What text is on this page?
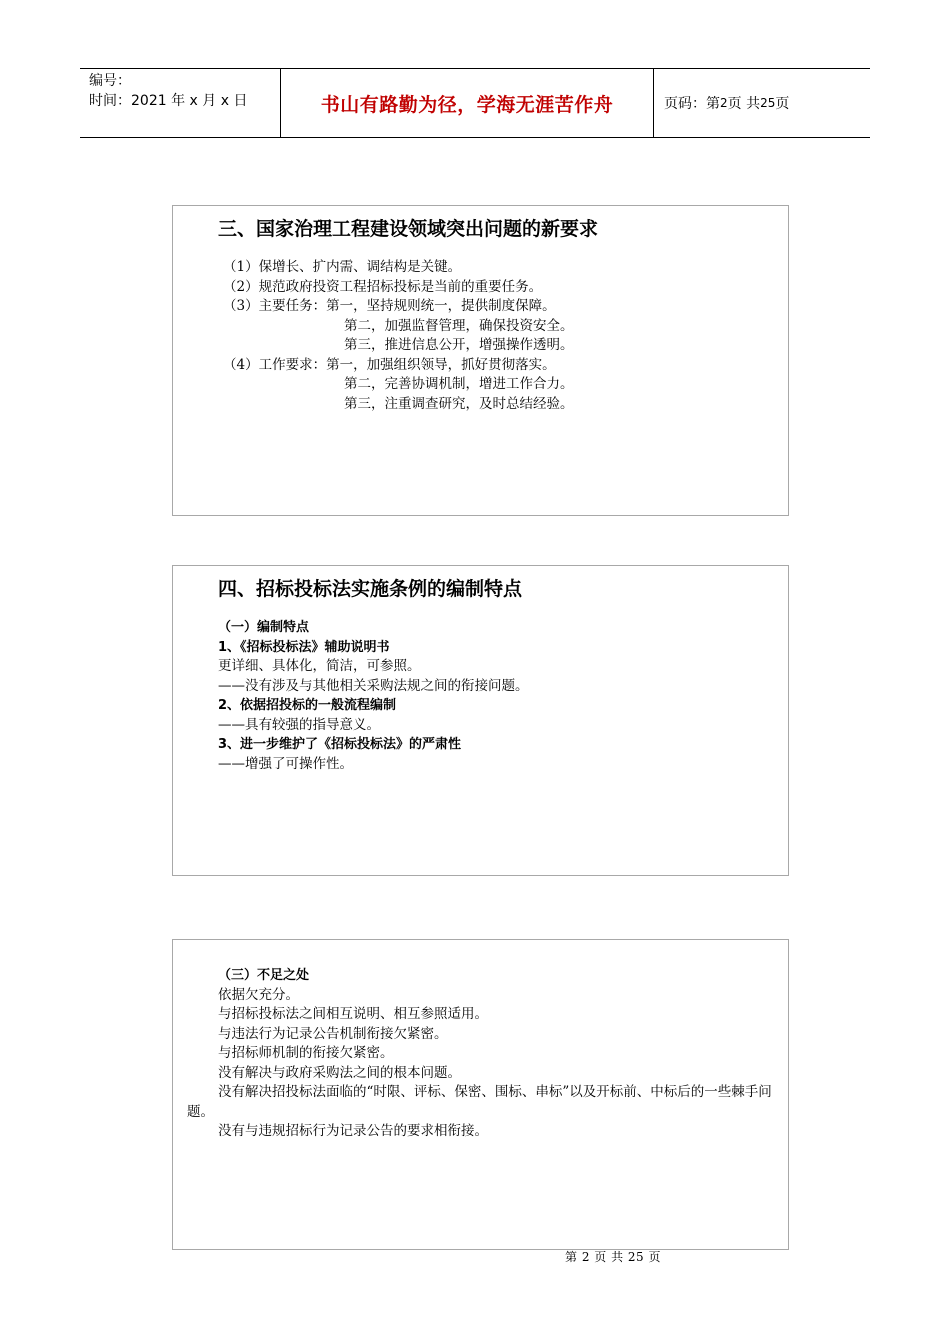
编号：
时间：2021 年 x 月 x 日	书山有路勤为径，学海无涯苦作舟	页码：第 2 页 共 25 页
三、国家治理工程建设领域突出问题的新要求
（1）保增长、扩内需、调结构是关键。
（2）规范政府投资工程招标投标是当前的重要任务。
（3）主要任务：第一，坚持规则统一，提供制度保障。
第二，加强监督管理，确保投资安全。
第三，推进信息公开，增强操作透明。
（4）工作要求：第一，加强组织领导，抓好贯彻落实。
第二，完善协调机制，增进工作合力。
第三，注重调查研究，及时总结经验。
四、招标投标法实施条例的编制特点
（一）编制特点
1、《招标投标法》辅助说明书
更详细、具体化，简洁，可参照。
——没有涉及与其他相关采购法规之间的衔接问题。
2、依据招投标的一般流程编制
——具有较强的指导意义。
3、进一步维护了《招标投标法》的严肃性
——增强了可操作性。
（三）不足之处
依据欠充分。
与招标投标法之间相互说明、相互参照适用。
与违法行为记录公告机制衔接欠紧密。
与招标师机制的衔接欠紧密。
没有解决与政府采购法之间的根本问题。
没有解决招投标法面临的“时限、评标、保密、围标、串标”以及开标前、中标后的一些棘手问题。
没有与违规招标行为记录公告的要求相衔接。
第 2 页 共 25 页
